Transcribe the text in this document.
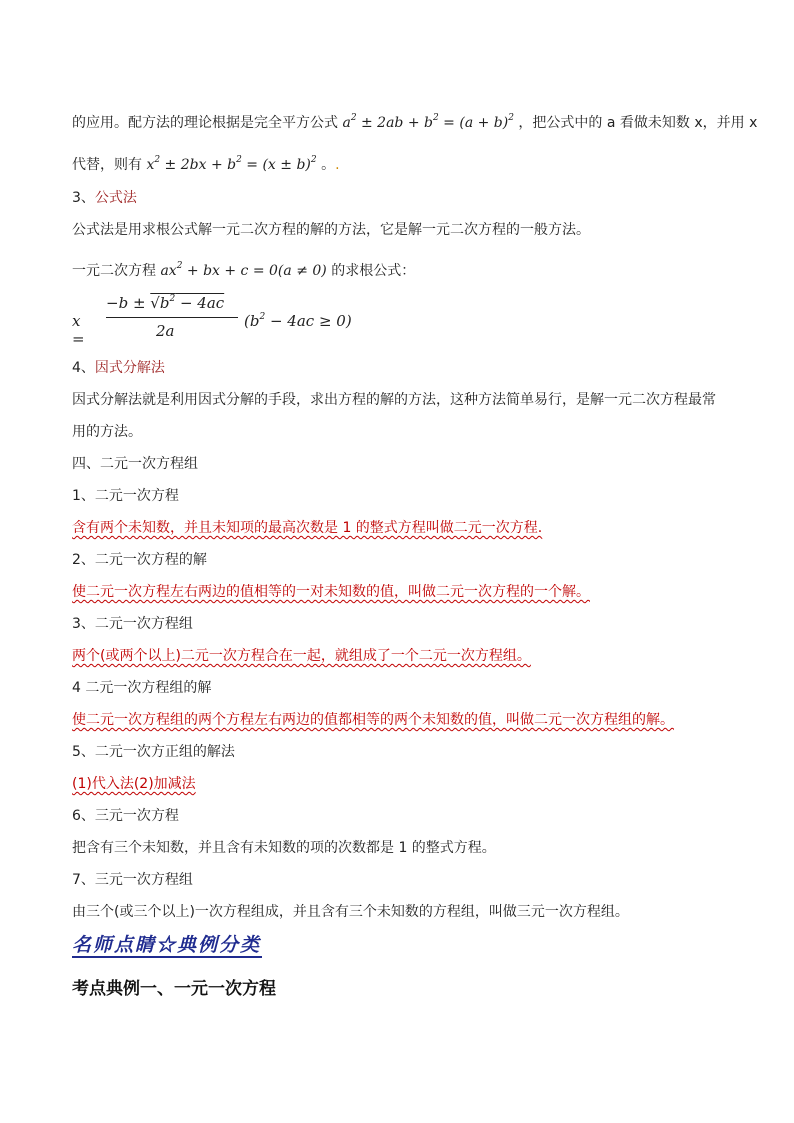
的应用。配方法的理论根据是完全平方公式 $a^2 \pm 2ab + b^2 = (a + b)^2$ ，把公式中的 a 看做未知数 x，并用 x
代替，则有 $x^2 \pm 2bx + b^2 = (x \pm b)^2$ 。.
3、公式法
公式法是用求根公式解一元二次方程的解的方法，它是解一元二次方程的一般方法。
一元二次方程 $ax^2$ + bx + c = 0(a ≠ 0) 的求根公式：
x =
$-b \pm √b^2 - 4ac$
2a
$(b^2 - 4ac \ge 0)$
4、因式分解法
因式分解法就是利用因式分解的手段，求出方程的解的方法，这种方法简单易行，是解一元二次方程最常
用的方法。
四、二元一次方程组
1、二元一次方程
含有两个未知数，并且未知项的最高次数是 1 的整式方程叫做二元一次方程.
2、二元一次方程的解
使二元一次方程左右两边的值相等的一对未知数的值，叫做二元一次方程的一个解。
3、二元一次方程组
两个(或两个以上)二元一次方程合在一起，就组成了一个二元一次方程组。
4 二元一次方程组的解
使二元一次方程组的两个方程左右两边的值都相等的两个未知数的值，叫做二元一次方程组的解。
5、二元一次方正组的解法
(1)代入法(2)加减法
6、三元一次方程
把含有三个未知数，并且含有未知数的项的次数都是 1 的整式方程。
7、三元一次方程组
由三个(或三个以上)一次方程组成，并且含有三个未知数的方程组，叫做三元一次方程组。
名师点睛☆典例分类
考点典例一、一元一次方程
